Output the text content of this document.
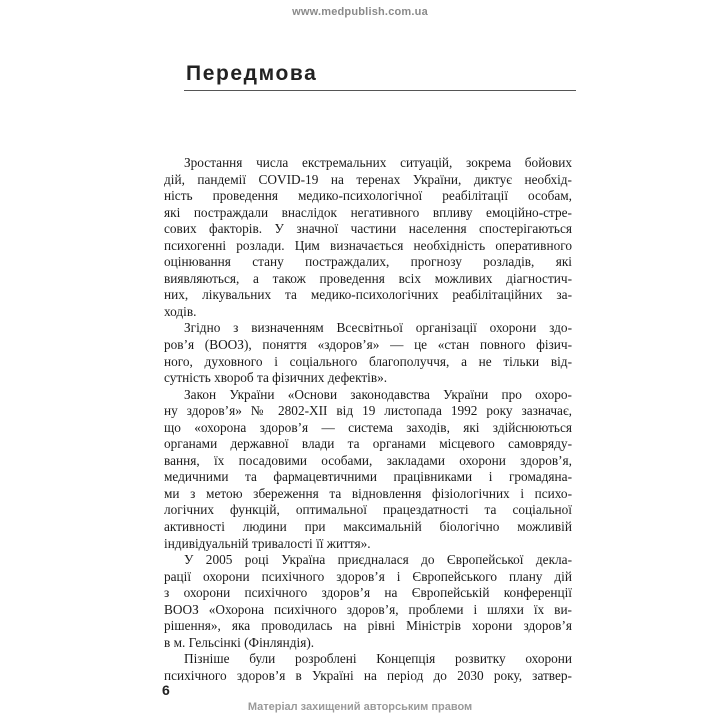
www.medpublish.com.ua
Передмова

Зростання числа екстремальних ситуацій, зокрема бойових
дій, пандемії COVID-19 на теренах України, диктує необхід-
ність проведення медико-психологічної реабілітації особам,
які постраждали внаслідок негативного впливу емоційно-стре-
сових факторів. У значної частини населення спостерігаються
психогенні розлади. Цим визначається необхідність оперативного
оцінювання стану постраждалих, прогнозу розладів, які
виявляються, а також проведення всіх можливих діагностич-
них, лікувальних та медико-психологічних реабілітаційних за-
ходів.

Згідно з визначенням Всесвітньої організації охорони здо-
ров’я (ВООЗ), поняття «здоров’я» — це «стан повного фізич-
ного, духовного і соціального благополуччя, а не тільки від-
сутність хвороб та фізичних дефектів».

Закон України «Основи законодавства України про охоро-
ну здоров’я» № 2802-XII від 19 листопада 1992 року зазначає,
що «охорона здоров’я — система заходів, які здійснюються
органами державної влади та органами місцевого самовряду-
вання, їх посадовими особами, закладами охорони здоров’я,
медичними та фармацевтичними працівниками і громадяна-
ми з метою збереження та відновлення фізіологічних і психо-
логічних функцій, оптимальної працездатності та соціальної
активності людини при максимальній біологічно можливій
індивідуальній тривалості її життя».

У 2005 році Україна приєдналася до Європейської декла-
рації охорони психічного здоров’я і Європейського плану дій
з охорони психічного здоров’я на Європейській конференції
ВООЗ «Охорона психічного здоров’я, проблеми і шляхи їх ви-
рішення», яка проводилась на рівні Міністрів хорони здоров’я
в м. Гельсінкі (Фінляндія).

Пізніше були розроблені Концепція розвитку охорони
психічного здоров’я в Україні на період до 2030 року, затвер-

6
Матеріал захищений авторським правом
